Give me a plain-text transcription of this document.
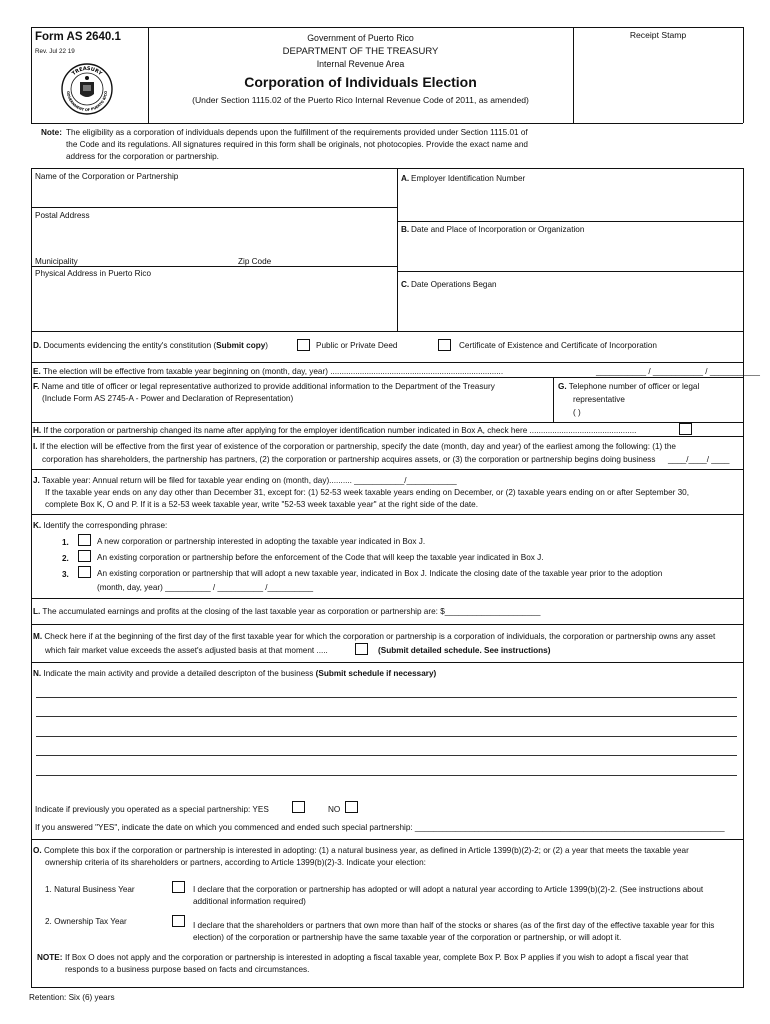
Form AS 2640.1
Rev. Jul 22 19
TREASURY
GOVERNMENT OF PUERTO RICO
Government of Puerto Rico
DEPARTMENT OF THE TREASURY
Internal Revenue Area
Corporation of Individuals Election
(Under Section 1115.02 of the Puerto Rico Internal Revenue Code of 2011, as amended)
Receipt Stamp
Note: The eligibility as a corporation of individuals depends upon the fulfillment of the requirements provided under Section 1115.01 of
the Code and its regulations. All signatures required in this form shall be originals, not photocopies. Provide the exact name and
address for the corporation or partnership.
Name of the Corporation or Partnership	A. Employer Identification Number
Postal Address
B. Date and Place of Incorporation or Organization
Municipality	Zip Code
Physical Address in Puerto Rico
C. Date Operations Began
D. Documents evidencing the entity's constitution (Submit copy)	Public or Private Deed	Certificate of Existence and Certificate of Incorporation
E. The election will be effective from taxable year beginning on (month, day, year) ............................................................................	___________ / ___________ / ___________
F. Name and title of officer or legal representative authorized to provide additional information to the Department of the Treasury
(Include Form AS 2745-A - Power and Declaration of Representation)
G. Telephone number of officer or legal
representative
( )
H. If the corporation or partnership changed its name after applying for the employer identification number indicated in Box A, check here ...............................................
I. If the election will be effective from the first year of existence of the corporation or partnership, specify the date (month, day and year) of the earliest among the following: (1) the
corporation has shareholders, the partnership has partners, (2) the corporation or partnership acquires assets, or (3) the corporation or partnership begins doing business ____/____/ ____
J. Taxable year: Annual return will be filed for taxable year ending on (month, day).......... ___________/___________
If the taxable year ends on any day other than December 31, except for: (1) 52-53 week taxable years ending on December, or (2) taxable years ending on or after September 30,
complete Box K, O and P. If it is a 52-53 week taxable year, write "52-53 week taxable year" at the right side of the date.
K. Identify the corresponding phrase:
1.	A new corporation or partnership interested in adopting the taxable year indicated in Box J.
2.	An existing corporation or partnership before the enforcement of the Code that will keep the taxable year indicated in Box J.
3.	An existing corporation or partnership that will adopt a new taxable year, indicated in Box J. Indicate the closing date of the taxable year prior to the adoption
(month, day, year) __________ / __________ /__________
L. The accumulated earnings and profits at the closing of the last taxable year as corporation or partnership are: $_____________________
M. Check here if at the beginning of the first day of the first taxable year for which the corporation or partnership is a corporation of individuals, the corporation or partnership owns any asset
which fair market value exceeds the asset's adjusted basis at that moment .....	(Submit detailed schedule. See instructions)
N. Indicate the main activity and provide a detailed descripton of the business (Submit schedule if necessary)
Indicate if previously you operated as a special partnership: YES	NO
If you answered "YES", indicate the date on which you commenced and ended such special partnership: ____________________________________________________________________
O. Complete this box if the corporation or partnership is interested in adopting: (1) a natural business year, as defined in Article 1399(b)(2)-2; or (2) a year that meets the taxable year
ownership criteria of its shareholders or partners, according to Article 1399(b)(2)-3. Indicate your election:
1. Natural Business Year	I declare that the corporation or partnership has adopted or will adopt a natural year according to Article 1399(b)(2)-2. (See instructions about
additional information required)
2. Ownership Tax Year	I declare that the shareholders or partners that own more than half of the stocks or shares (as of the first day of the effective taxable year for this
election) of the corporation or partnership have the same taxable year of the corporation or partnership, or will adopt it.
NOTE: If Box O does not apply and the corporation or partnership is interested in adopting a fiscal taxable year, complete Box P. Box P applies if you wish to adopt a fiscal year that
responds to a business purpose based on facts and circumstances.
Retention: Six (6) years
